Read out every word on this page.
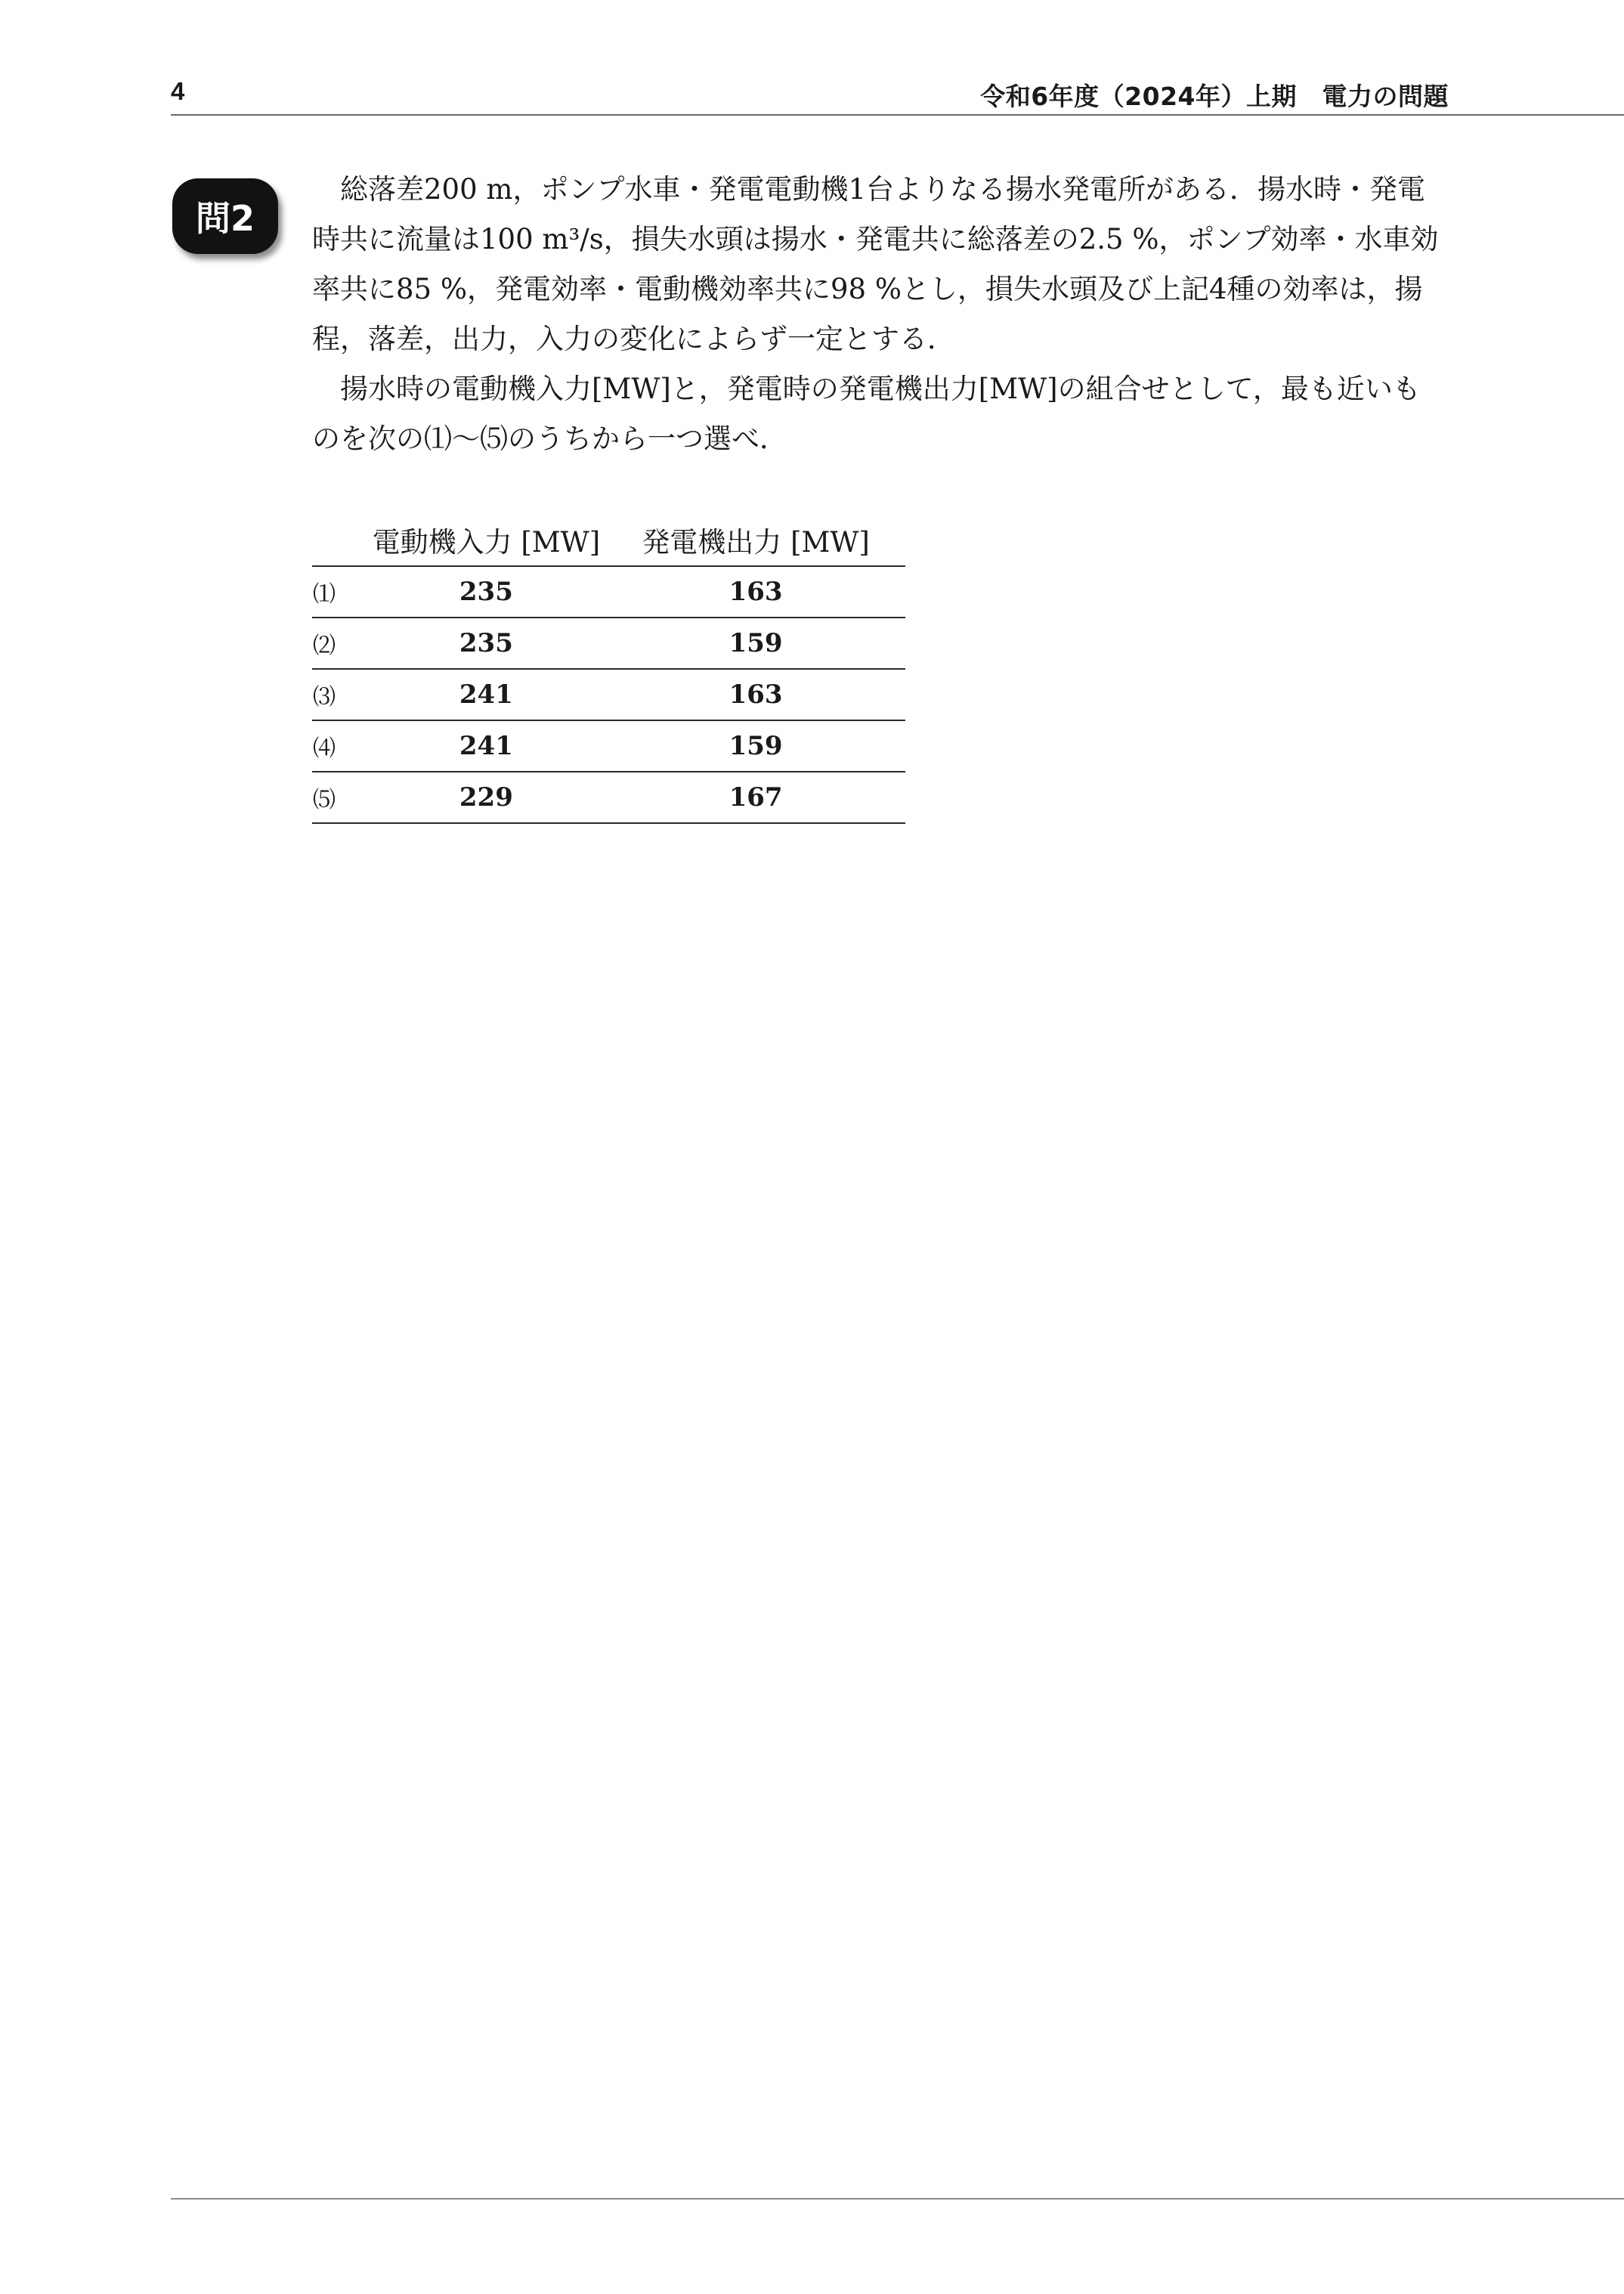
4	令和6年度（2024年）上期　電力の問題
問2

総落差200 m，ポンプ水車・発電電動機1台よりなる揚水発電所がある．揚水時・発電時共に流量は100 m³/s，損失水頭は揚水・発電共に総落差の2.5 %，ポンプ効率・水車効率共に85 %，発電効率・電動機効率共に98 %とし，損失水頭及び上記4種の効率は，揚程，落差，出力，入力の変化によらず一定とする．

揚水時の電動機入力[MW]と，発電時の発電機出力[MW]の組合せとして，最も近いものを次の⑴～⑸のうちから一つ選べ．

	電動機入力 [MW]	発電機出力 [MW]
⑴	235	163
⑵	235	159
⑶	241	163
⑷	241	159
⑸	229	167
